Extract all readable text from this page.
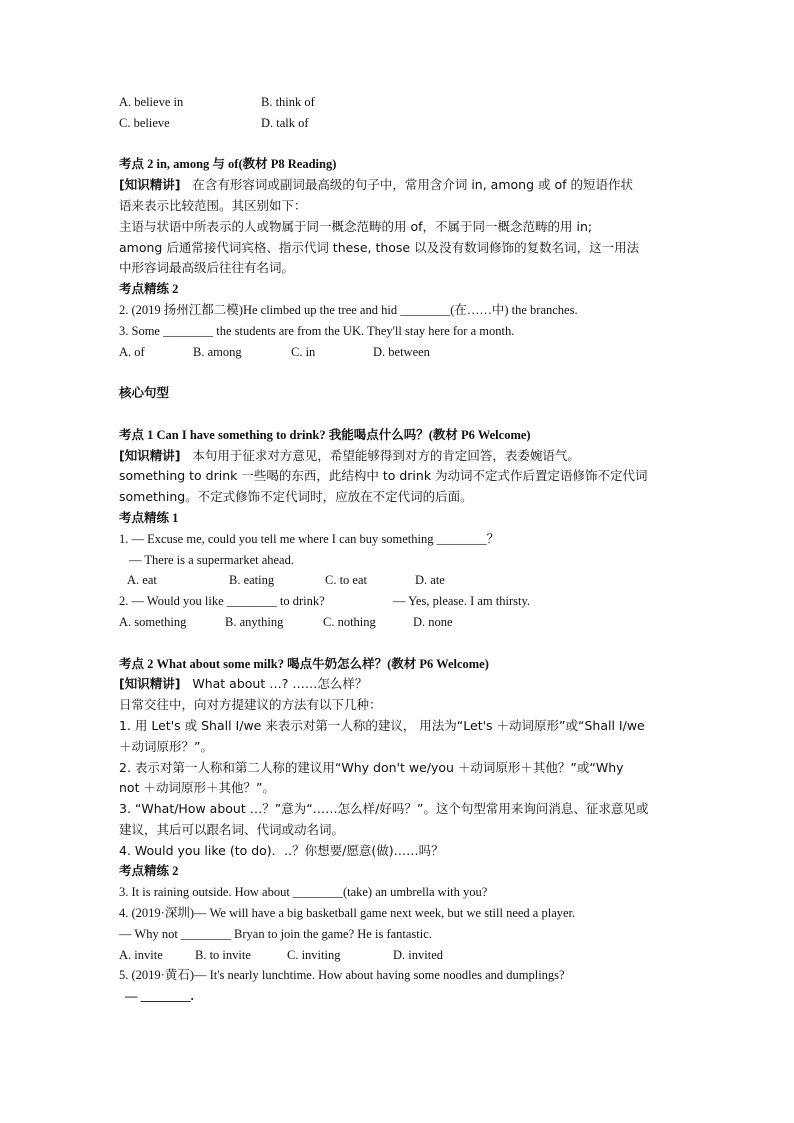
A. believe in	B. think of
C. believe	D. talk of
考点 2 in, among 与 of(教材 P8 Reading)
[知识精讲] 在含有形容词或副词最高级的句子中，常用含介词 in, among 或 of 的短语作状
语来表示比较范围。其区别如下：
主语与状语中所表示的人或物属于同一概念范畴的用 of，不属于同一概念范畴的用 in;
among 后通常接代词宾格、指示代词 these, those 以及没有数词修饰的复数名词，这一用法
中形容词最高级后往往有名词。
考点精练 2
2. (2019 扬州江都二模)He climbed up the tree and hid ________(在……中) the branches.
3. Some ________ the students are from the UK. They'll stay here for a month.
A. of	B. among	C. in	D. between
核心句型
考点 1 Can I have something to drink? 我能喝点什么吗？(教材 P6 Welcome)
[知识精讲] 本句用于征求对方意见，希望能够得到对方的肯定回答，表委婉语气。
something to drink 一些喝的东西，此结构中 to drink 为动词不定式作后置定语修饰不定代词
something。不定式修饰不定代词时，应放在不定代词的后面。
考点精练 1
1. — Excuse me, could you tell me where I can buy something ________？
— There is a supermarket ahead.
A. eat	B. eating	C. to eat	D. ate
2. — Would you like ________ to drink?	— Yes, please. I am thirsty.
A. something	B. anything	C. nothing	D. none
考点 2 What about some milk? 喝点牛奶怎么样？(教材 P6 Welcome)
[知识精讲] What about …? ……怎么样？
日常交往中，向对方提建议的方法有以下几种：
1. 用 Let's 或 Shall I/we 来表示对第一人称的建议， 用法为“Let's ＋动词原形”或“Shall I/we
＋动词原形？”。
2. 表示对第一人称和第二人称的建议用“Why don't we/you ＋动词原形＋其他？”或“Why
not ＋动词原形＋其他？”。
3. “What/How about …？”意为“……怎么样/好吗？”。这个句型常用来询问消息、征求意见或
建议，其后可以跟名词、代词或动名词。
4. Would you like (to do)．..？你想要/愿意(做)……吗？
考点精练 2
3. It is raining outside. How about ________(take) an umbrella with you?
4. (2019·深圳)— We will have a big basketball game next week, but we still need a player.
— Why not ________ Bryan to join the game? He is fantastic.
A. invite	B. to invite	C. inviting	D. invited
5. (2019·黄石)— It's nearly lunchtime. How about having some noodles and dumplings?
— ________.
